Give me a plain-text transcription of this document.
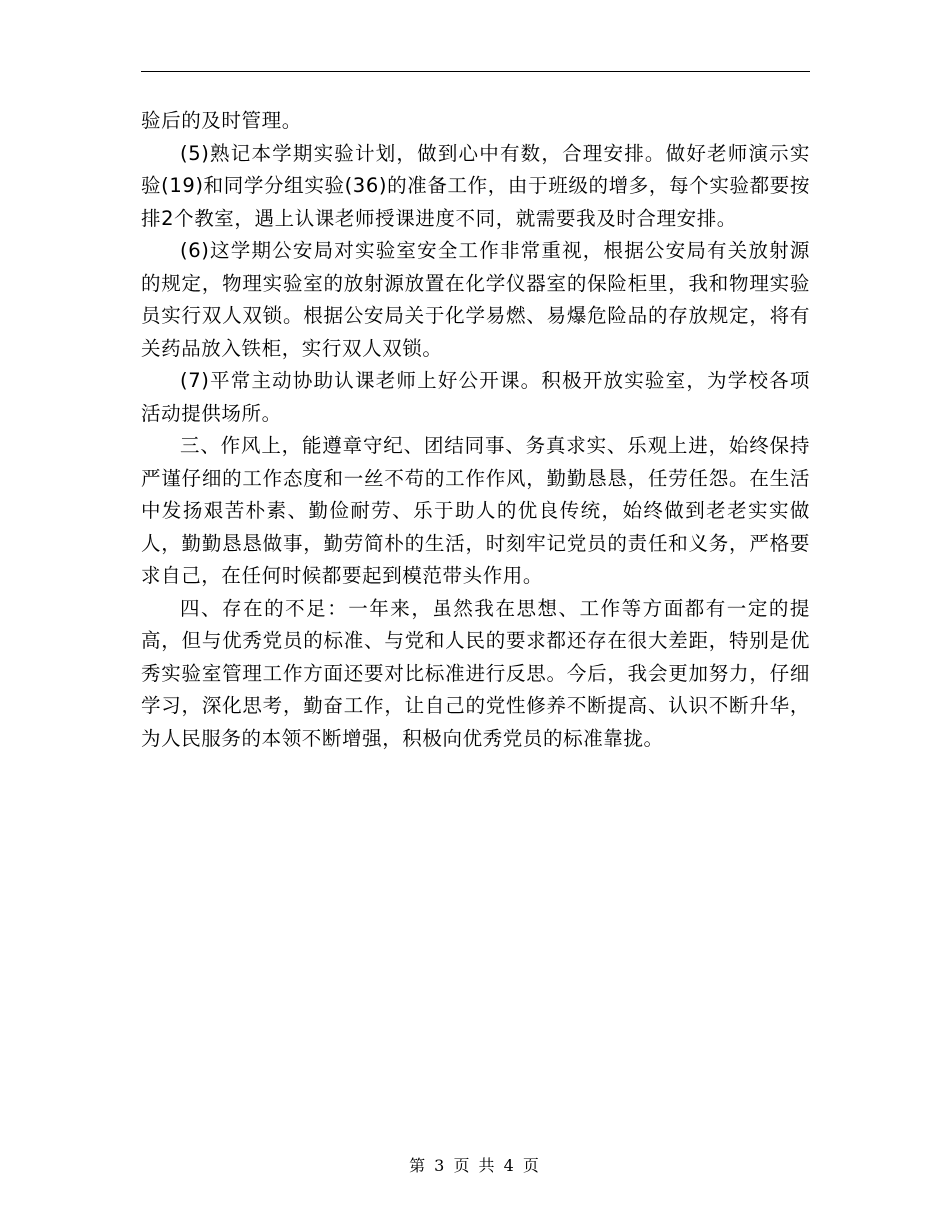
验后的及时管理。

(5)熟记本学期实验计划，做到心中有数，合理安排。做好老师演示实验(19)和同学分组实验(36)的准备工作，由于班级的增多，每个实验都要按排2个教室，遇上认课老师授课进度不同，就需要我及时合理安排。

(6)这学期公安局对实验室安全工作非常重视，根据公安局有关放射源的规定，物理实验室的放射源放置在化学仪器室的保险柜里，我和物理实验员实行双人双锁。根据公安局关于化学易燃、易爆危险品的存放规定，将有关药品放入铁柜，实行双人双锁。

(7)平常主动协助认课老师上好公开课。积极开放实验室，为学校各项活动提供场所。

三、作风上，能遵章守纪、团结同事、务真求实、乐观上进，始终保持严谨仔细的工作态度和一丝不苟的工作作风，勤勤恳恳，任劳任怨。在生活中发扬艰苦朴素、勤俭耐劳、乐于助人的优良传统，始终做到老老实实做人，勤勤恳恳做事，勤劳简朴的生活，时刻牢记党员的责任和义务，严格要求自己，在任何时候都要起到模范带头作用。

四、存在的不足：一年来，虽然我在思想、工作等方面都有一定的提高，但与优秀党员的标准、与党和人民的要求都还存在很大差距，特别是优秀实验室管理工作方面还要对比标准进行反思。今后，我会更加努力，仔细学习，深化思考，勤奋工作，让自己的党性修养不断提高、认识不断升华，为人民服务的本领不断增强，积极向优秀党员的标准靠拢。

第 3 页 共 4 页
